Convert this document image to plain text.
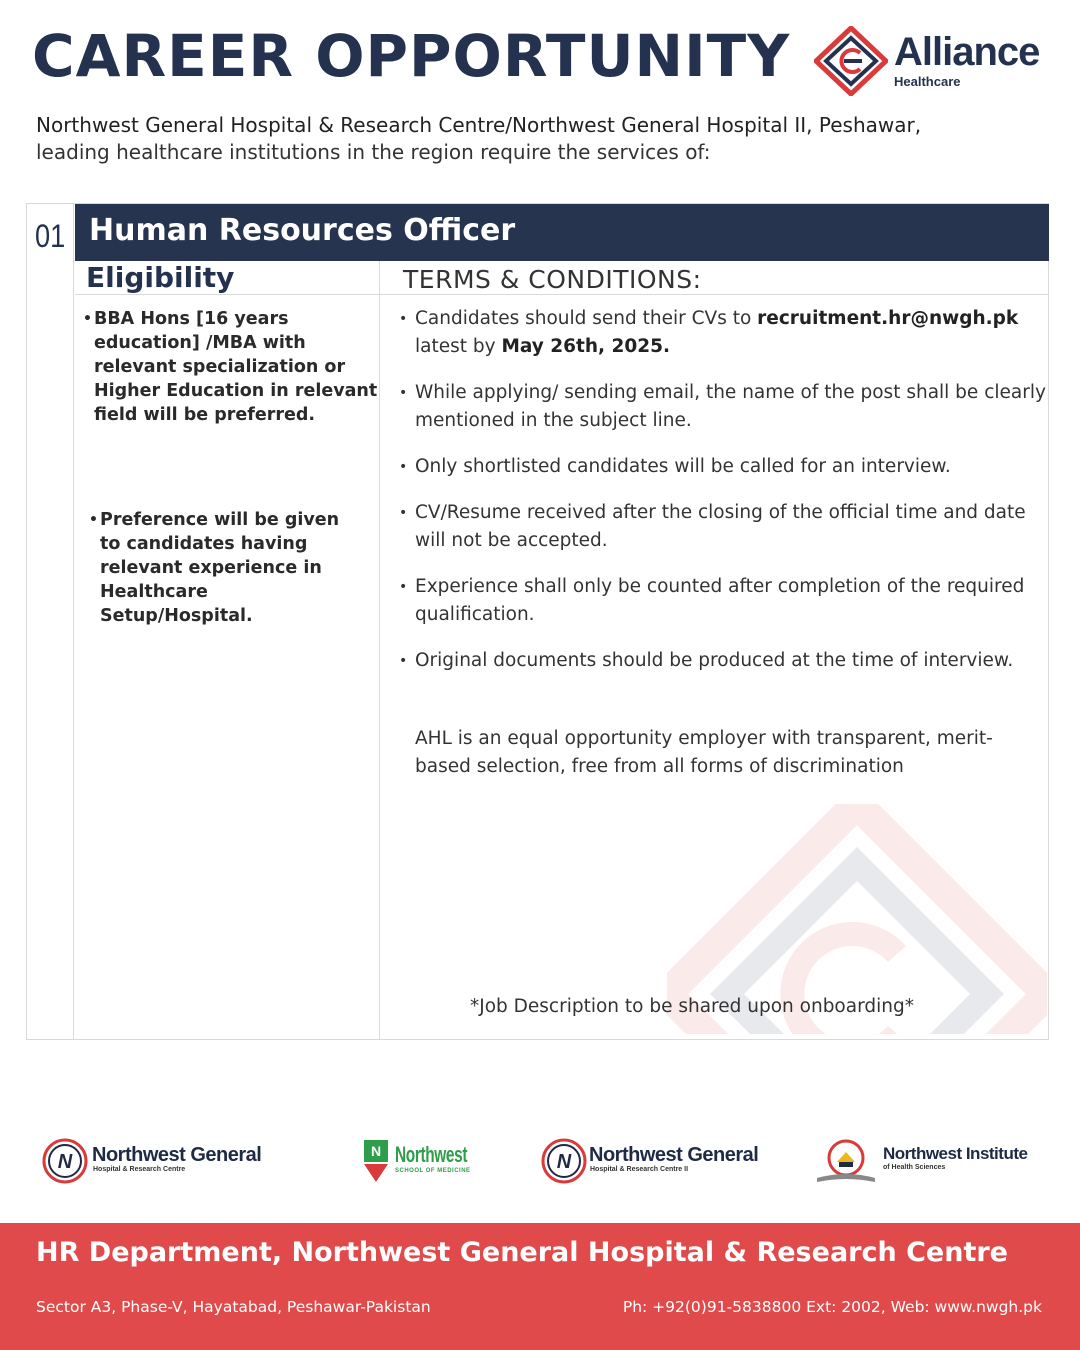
CAREER OPPORTUNITY	Alliance
Healthcare
Northwest General Hospital & Research Centre/Northwest General Hospital II, Peshawar,
leading healthcare institutions in the region require the services of:
01 Human Resources Officer
Eligibility	TERMS & CONDITIONS:
• BBA Hons [16 years education] /MBA with relevant specialization or Higher Education in relevant field will be preferred.
• Preference will be given to candidates having relevant experience in Healthcare Setup/Hospital.
• Candidates should send their CVs to recruitment.hr@nwgh.pk latest by May 26th, 2025.
• While applying/ sending email, the name of the post shall be clearly mentioned in the subject line.
• Only shortlisted candidates will be called for an interview.
• CV/Resume received after the closing of the official time and date will not be accepted.
• Experience shall only be counted after completion of the required qualification.
• Original documents should be produced at the time of interview.
AHL is an equal opportunity employer with transparent, merit-based selection, free from all forms of discrimination
*Job Description to be shared upon onboarding*
N Northwest General
Hospital & Research Centre
N Northwest
SCHOOL OF MEDICINE	N Northwest General
Hospital & Research Centre II
Northwest Institute
of Health Sciences
HR Department, Northwest General Hospital & Research Centre
Sector A3, Phase-V, Hayatabad, Peshawar-Pakistan	Ph: +92(0)91-5838800 Ext: 2002, Web: www.nwgh.pk
